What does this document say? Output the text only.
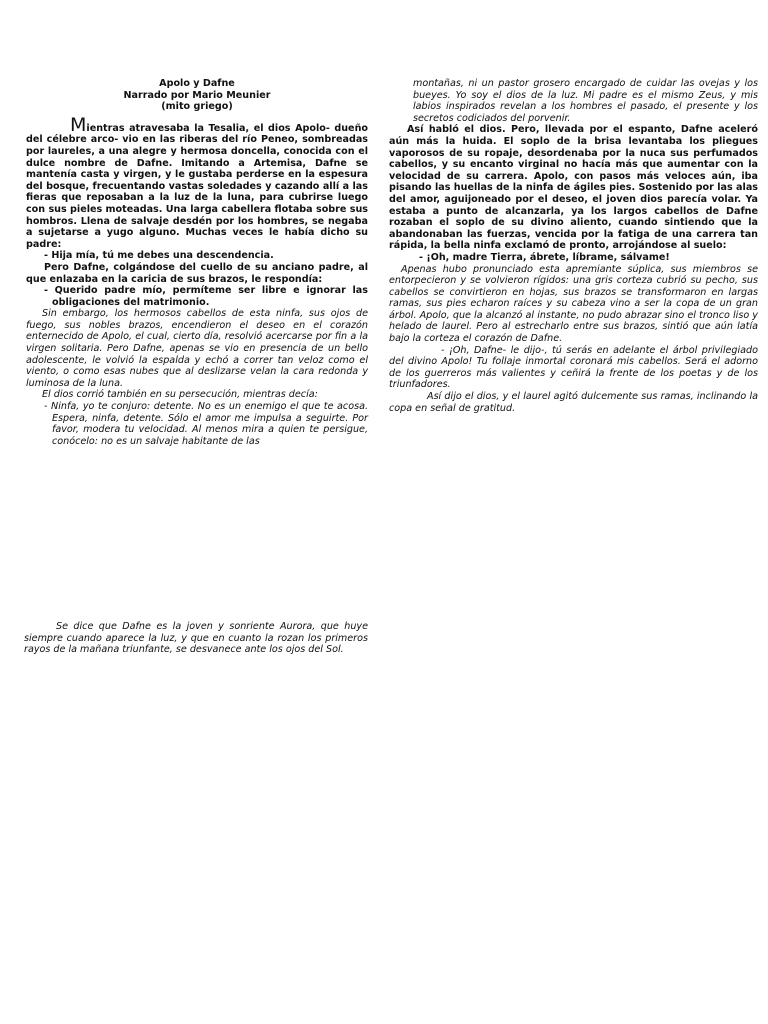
Apolo y Dafne

Narrado por Mario Meunier

(mito griego)

Mientras atravesaba la Tesalia, el dios Apolo- dueño del célebre arco- vio en las riberas del río Peneo, sombreadas por laureles, a una alegre y hermosa doncella, conocida con el dulce nombre de Dafne. Imitando a Artemisa, Dafne se mantenía casta y virgen, y le gustaba perderse en la espesura del bosque, frecuentando vastas soledades y cazando allí a las fieras que reposaban a la luz de la luna, para cubrirse luego con sus pieles moteadas. Una larga cabellera flotaba sobre sus hombros. Llena de salvaje desdén por los hombres, se negaba a sujetarse a yugo alguno. Muchas veces le había dicho su padre:

- Hija mía, tú me debes una descendencia.

Pero Dafne, colgándose del cuello de su anciano padre, al que enlazaba en la caricia de sus brazos, le respondía:

- Querido padre mío, permíteme ser libre e ignorar las obligaciones del matrimonio.

Sin embargo, los hermosos cabellos de esta ninfa, sus ojos de fuego, sus nobles brazos, encendieron el deseo en el corazón enternecido de Apolo, el cual, cierto día, resolvió acercarse por fin a la virgen solitaria. Pero Dafne, apenas se vio en presencia de un bello adolescente, le volvió la espalda y echó a correr tan veloz como el viento, o como esas nubes que al deslizarse velan la cara redonda y luminosa de la luna.

El dios corrió también en su persecución, mientras decía:

- Ninfa, yo te conjuro: detente. No es un enemigo el que te acosa. Espera, ninfa, detente. Sólo el amor me impulsa a seguirte. Por favor, modera tu velocidad. Al menos mira a quien te persigue, conócelo: no es un salvaje habitante de las

montañas, ni un pastor grosero encargado de cuidar las ovejas y los bueyes. Yo soy el dios de la luz. Mi padre es el mismo Zeus, y mis labios inspirados revelan a los hombres el pasado, el presente y los secretos codiciados del porvenir.

Así habló el dios. Pero, llevada por el espanto, Dafne aceleró aún más la huida. El soplo de la brisa levantaba los pliegues vaporosos de su ropaje, desordenaba por la nuca sus perfumados cabellos, y su encanto virginal no hacía más que aumentar con la velocidad de su carrera. Apolo, con pasos más veloces aún, iba pisando las huellas de la ninfa de ágiles pies. Sostenido por las alas del amor, aguijoneado por el deseo, el joven dios parecía volar. Ya estaba a punto de alcanzarla, ya los largos cabellos de Dafne rozaban el soplo de su divino aliento, cuando sintiendo que la abandonaban las fuerzas, vencida por la fatiga de una carrera tan rápida, la bella ninfa exclamó de pronto, arrojándose al suelo:

- ¡Oh, madre Tierra, ábrete, líbrame, sálvame!

Apenas hubo pronunciado esta apremiante súplica, sus miembros se entorpecieron y se volvieron rígidos: una gris corteza cubrió su pecho, sus cabellos se convirtieron en hojas, sus brazos se transformaron en largas ramas, sus pies echaron raíces y su cabeza vino a ser la copa de un gran árbol. Apolo, que la alcanzó al instante, no pudo abrazar sino el tronco liso y helado de laurel. Pero al estrecharlo entre sus brazos, sintió que aún latía bajo la corteza el corazón de Dafne.

- ¡Oh, Dafne- le dijo-, tú serás en adelante el árbol privilegiado del divino Apolo! Tu follaje inmortal coronará mis cabellos. Será el adorno de los guerreros más valientes y ceñirá la frente de los poetas y de los triunfadores.

Así dijo el dios, y el laurel agitó dulcemente sus ramas, inclinando la copa en señal de gratitud.

Se dice que Dafne es la joven y sonriente Aurora, que huye siempre cuando aparece la luz, y que en cuanto la rozan los primeros rayos de la mañana triunfante, se desvanece ante los ojos del Sol.
